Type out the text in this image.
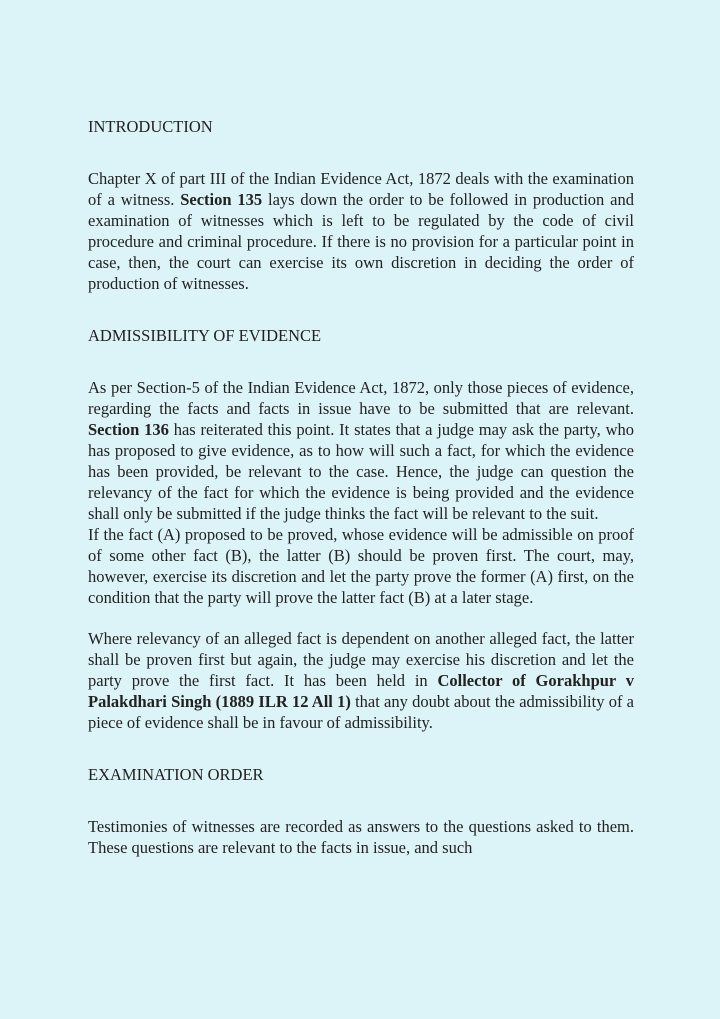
INTRODUCTION

Chapter X of part III of the Indian Evidence Act, 1872 deals with the examination of a witness. Section 135 lays down the order to be followed in production and examination of witnesses which is left to be regulated by the code of civil procedure and criminal procedure. If there is no provision for a particular point in case, then, the court can exercise its own discretion in deciding the order of production of witnesses.

ADMISSIBILITY OF EVIDENCE

As per Section-5 of the Indian Evidence Act, 1872, only those pieces of evidence, regarding the facts and facts in issue have to be submitted that are relevant. Section 136 has reiterated this point. It states that a judge may ask the party, who has proposed to give evidence, as to how will such a fact, for which the evidence has been provided, be relevant to the case. Hence, the judge can question the relevancy of the fact for which the evidence is being provided and the evidence shall only be submitted if the judge thinks the fact will be relevant to the suit.

If the fact (A) proposed to be proved, whose evidence will be admissible on proof of some other fact (B), the latter (B) should be proven first. The court, may, however, exercise its discretion and let the party prove the former (A) first, on the condition that the party will prove the latter fact (B) at a later stage.

Where relevancy of an alleged fact is dependent on another alleged fact, the latter shall be proven first but again, the judge may exercise his discretion and let the party prove the first fact. It has been held in Collector of Gorakhpur v Palakdhari Singh (1889 ILR 12 All 1) that any doubt about the admissibility of a piece of evidence shall be in favour of admissibility.

EXAMINATION ORDER

Testimonies of witnesses are recorded as answers to the questions asked to them. These questions are relevant to the facts in issue, and such
